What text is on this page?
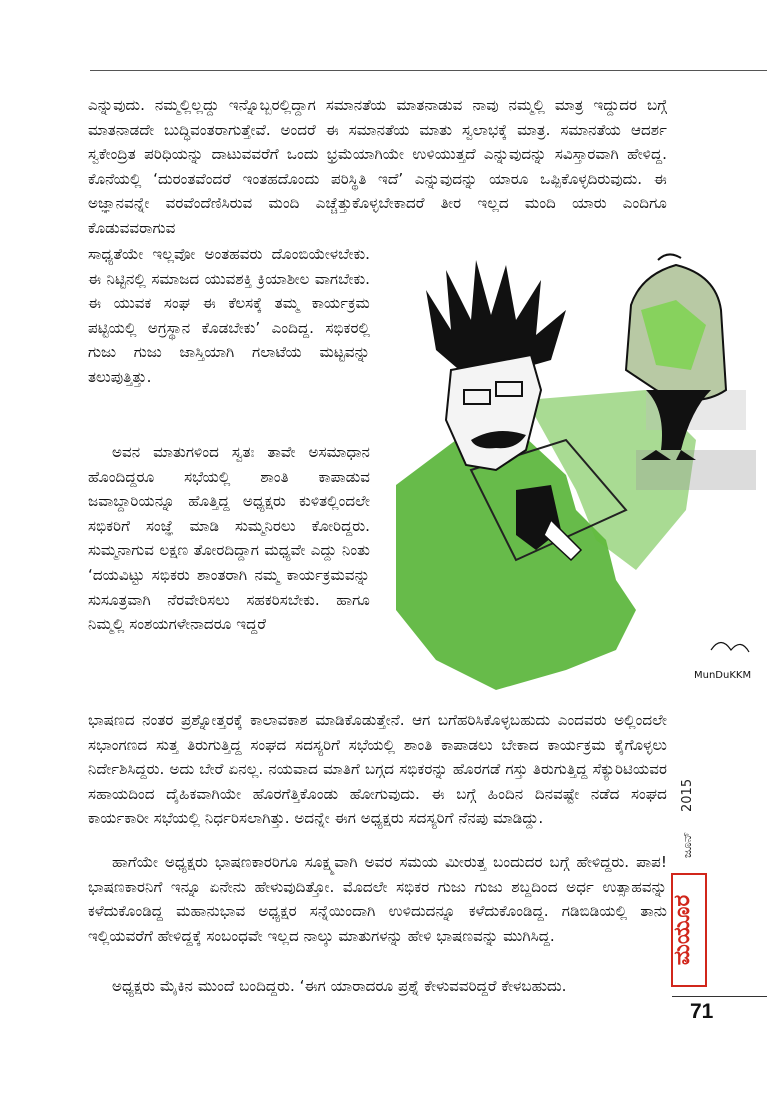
ಎನ್ನುವುದು. ನಮ್ಮಲ್ಲಿಲ್ಲದ್ದು ಇನ್ನೊಬ್ಬರಲ್ಲಿದ್ದಾಗ ಸಮಾನತೆಯ ಮಾತನಾಡುವ ನಾವು ನಮ್ಮಲ್ಲಿ ಮಾತ್ರ ಇದ್ದುದರ ಬಗ್ಗೆ ಮಾತನಾಡದೇ ಬುದ್ಧಿವಂತರಾಗುತ್ತೇವೆ. ಅಂದರೆ ಈ ಸಮಾನತೆಯ ಮಾತು ಸ್ವಲಾಭಕ್ಕೆ ಮಾತ್ರ. ಸಮಾನತೆಯ ಆದರ್ಶ ಸ್ವಕೇಂದ್ರಿತ ಪರಿಧಿಯನ್ನು ದಾಟುವವರೆಗೆ ಒಂದು ಭ್ರಮೆಯಾಗಿಯೇ ಉಳಿಯುತ್ತದೆ ಎನ್ನುವುದನ್ನು ಸವಿಸ್ತಾರವಾಗಿ ಹೇಳಿದ್ದ. ಕೊನೆಯಲ್ಲಿ ‘ದುರಂತವೆಂದರೆ ಇಂತಹದೊಂದು ಪರಿಸ್ಥಿತಿ ಇದೆ’ ಎನ್ನುವುದನ್ನು ಯಾರೂ ಒಪ್ಪಿಕೊಳ್ಳದಿರುವುದು. ಈ ಅಜ್ಞಾನವನ್ನೇ ವರವೆಂದೆಣಿಸಿರುವ ಮಂದಿ ಎಚ್ಚೆತ್ತುಕೊಳ್ಳಬೇಕಾದರೆ ತೀರ ಇಲ್ಲದ ಮಂದಿ ಯಾರು ಎಂದಿಗೂ ಕೊಡುವವರಾಗುವ

ಸಾಧ್ಯತೆಯೇ ಇಲ್ಲವೋ ಅಂತಹವರು ದೊಂಬಿಯೇಳಬೇಕು. ಈ ನಿಟ್ಟಿನಲ್ಲಿ ಸಮಾಜದ ಯುವಶಕ್ತಿ ಕ್ರಿಯಾಶೀಲ ವಾಗಬೇಕು. ಈ ಯುವಕ ಸಂಘ ಈ ಕೆಲಸಕ್ಕೆ ತಮ್ಮ ಕಾರ್ಯಕ್ರಮ ಪಟ್ಟಿಯಲ್ಲಿ ಅಗ್ರಸ್ಥಾನ ಕೊಡಬೇಕು’ ಎಂದಿದ್ದ. ಸಭಿಕರಲ್ಲಿ ಗುಜು ಗುಜು ಜಾಸ್ತಿಯಾಗಿ ಗಲಾಟೆಯ ಮಟ್ಟವನ್ನು ತಲುಪುತ್ತಿತ್ತು.

ಅವನ ಮಾತುಗಳಿಂದ ಸ್ವತಃ ತಾವೇ ಅಸಮಾಧಾನ ಹೊಂದಿದ್ದರೂ ಸಭೆಯಲ್ಲಿ ಶಾಂತಿ ಕಾಪಾಡುವ ಜವಾಬ್ದಾರಿಯನ್ನೂ ಹೊತ್ತಿದ್ದ ಅಧ್ಯಕ್ಷರು ಕುಳಿತಲ್ಲಿಂದಲೇ ಸಭಿಕರಿಗೆ ಸಂಜ್ಞೆ ಮಾಡಿ ಸುಮ್ಮನಿರಲು ಕೋರಿದ್ದರು. ಸುಮ್ಮನಾಗುವ ಲಕ್ಷಣ ತೋರದಿದ್ದಾಗ ಮಧ್ಯವೇ ಎದ್ದು ನಿಂತು ‘ದಯವಿಟ್ಟು ಸಭಿಕರು ಶಾಂತರಾಗಿ ನಮ್ಮ ಕಾರ್ಯಕ್ರಮವನ್ನು ಸುಸೂತ್ರವಾಗಿ ನೆರವೇರಿಸಲು ಸಹಕರಿಸಬೇಕು. ಹಾಗೂ ನಿಮ್ಮಲ್ಲಿ ಸಂಶಯಗಳೇನಾದರೂ ಇದ್ದರೆ

ಭಾಷಣದ ನಂತರ ಪ್ರಶ್ನೋತ್ತರಕ್ಕೆ ಕಾಲಾವಕಾಶ ಮಾಡಿಕೊಡುತ್ತೇನೆ. ಆಗ ಬಗೆಹರಿಸಿಕೊಳ್ಳಬಹುದು ಎಂದವರು ಅಲ್ಲಿಂದಲೇ ಸಭಾಂಗಣದ ಸುತ್ತ ತಿರುಗುತ್ತಿದ್ದ ಸಂಘದ ಸದಸ್ಯರಿಗೆ ಸಭೆಯಲ್ಲಿ ಶಾಂತಿ ಕಾಪಾಡಲು ಬೇಕಾದ ಕಾರ್ಯಕ್ರಮ ಕೈಗೊಳ್ಳಲು ನಿರ್ದೇಶಿಸಿದ್ದರು. ಅದು ಬೇರೆ ಏನಲ್ಲ. ನಯವಾದ ಮಾತಿಗೆ ಬಗ್ಗದ ಸಭಿಕರನ್ನು ಹೊರಗಡೆ ಗಸ್ತು ತಿರುಗುತ್ತಿದ್ದ ಸೆಕ್ಯುರಿಟಿಯವರ ಸಹಾಯದಿಂದ ದೈಹಿಕವಾಗಿಯೇ ಹೊರಗೆತ್ತಿಕೊಂಡು ಹೋಗುವುದು. ಈ ಬಗ್ಗೆ ಹಿಂದಿನ ದಿನವಷ್ಟೇ ನಡೆದ ಸಂಘದ ಕಾರ್ಯಕಾರೀ ಸಭೆಯಲ್ಲಿ ನಿರ್ಧರಿಸಲಾಗಿತ್ತು. ಅದನ್ನೇ ಈಗ ಅಧ್ಯಕ್ಷರು ಸದಸ್ಯರಿಗೆ ನೆನಪು ಮಾಡಿದ್ದು.

ಹಾಗೆಯೇ ಅಧ್ಯಕ್ಷರು ಭಾಷಣಕಾರರಿಗೂ ಸೂಕ್ಷ್ಮವಾಗಿ ಅವರ ಸಮಯ ಮೀರುತ್ತ ಬಂದುದರ ಬಗ್ಗೆ ಹೇಳಿದ್ದರು. ಪಾಪ! ಭಾಷಣಕಾರನಿಗೆ ಇನ್ನೂ ಏನೇನು ಹೇಳುವುದಿತ್ತೋ. ಮೊದಲೇ ಸಭಿಕರ ಗುಜು ಗುಜು ಶಬ್ದದಿಂದ ಅರ್ಧ ಉತ್ಸಾಹವನ್ನು ಕಳೆದುಕೊಂಡಿದ್ದ ಮಹಾನುಭಾವ ಅಧ್ಯಕ್ಷರ ಸನ್ನೆಯಿಂದಾಗಿ ಉಳಿದುದನ್ನೂ ಕಳೆದುಕೊಂಡಿದ್ದ. ಗಡಿಬಿಡಿಯಲ್ಲಿ ತಾನು ಇಲ್ಲಿಯವರೆಗೆ ಹೇಳಿದ್ದಕ್ಕೆ ಸಂಬಂಧವೇ ಇಲ್ಲದ ನಾಲ್ಕು ಮಾತುಗಳನ್ನು ಹೇಳಿ ಭಾಷಣವನ್ನು ಮುಗಿಸಿದ್ದ.

ಅಧ್ಯಕ್ಷರು ಮೈಕಿನ ಮುಂದೆ ಬಂದಿದ್ದರು. ‘ಈಗ ಯಾರಾದರೂ ಪ್ರಶ್ನೆ ಕೇಳುವವರಿದ್ದರೆ ಕೇಳಬಹುದು.

MunDuKKM
2015
ಜೂನ್
ಮಯೂರ
71
